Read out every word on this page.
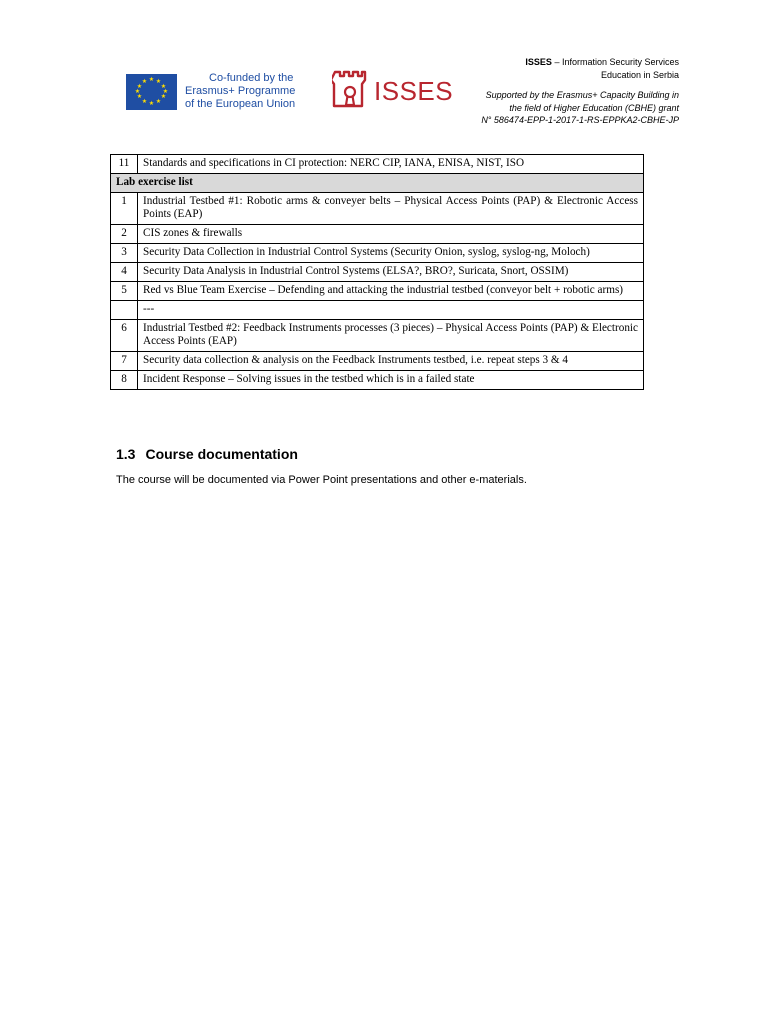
★ ★
★
★
★
★
★
★
★
★
★
★	Co-funded by the
Erasmus+ Programme
of the European Union	ISSES
ISSES – Information Security Services
Education in Serbia
Supported by the Erasmus+ Capacity Building in
the field of Higher Education (CBHE) grant
N° 586474-EPP-1-2017-1-RS-EPPKA2-CBHE-JP
11	Standards and specifications in CI protection: NERC CIP, IANA, ENISA, NIST, ISO
Lab exercise list	
1	Industrial Testbed #1: Robotic arms & conveyer belts – Physical Access Points (PAP) & Electronic Access Points (EAP)
2	CIS zones & firewalls
3	Security Data Collection in Industrial Control Systems (Security Onion, syslog, syslog-ng, Moloch)
4	Security Data Analysis in Industrial Control Systems (ELSA?, BRO?, Suricata, Snort, OSSIM)
5	Red vs Blue Team Exercise – Defending and attacking the industrial testbed (conveyor belt + robotic arms)
	---
6	Industrial Testbed #2: Feedback Instruments processes (3 pieces) – Physical Access Points (PAP) & Electronic Access Points (EAP)
7	Security data collection & analysis on the Feedback Instruments testbed, i.e. repeat steps 3 & 4
8	Incident Response – Solving issues in the testbed which is in a failed state
1.3 Course documentation
The course will be documented via Power Point presentations and other e-materials.
